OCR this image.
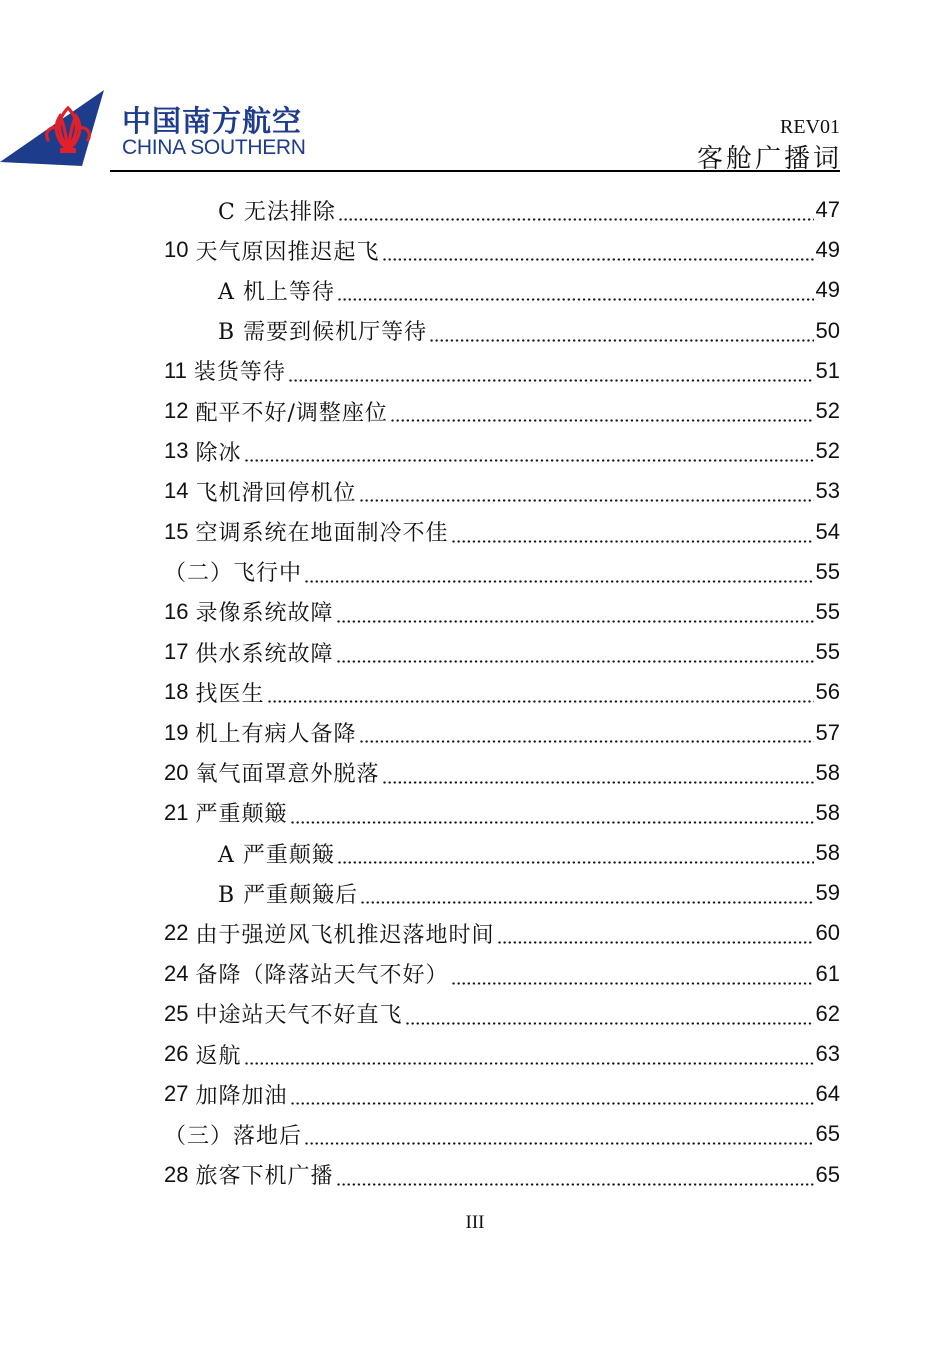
中国南方航空
CHINA SOUTHERN
REV01
客舱广播词
C 无法排除	47
10 天气原因推迟起飞	49
A 机上等待	49
B 需要到候机厅等待	50
11 装货等待	51
12 配平不好/调整座位	52
13 除冰	52
14 飞机滑回停机位	53
15 空调系统在地面制冷不佳	54
（二）飞行中	55
16 录像系统故障	55
17 供水系统故障	55
18 找医生	56
19 机上有病人备降	57
20 氧气面罩意外脱落	58
21 严重颠簸	58
A 严重颠簸	58
B 严重颠簸后	59
22 由于强逆风飞机推迟落地时间	60
24 备降（降落站天气不好）	61
25 中途站天气不好直飞	62
26 返航	63
27 加降加油	64
（三）落地后	65
28 旅客下机广播	65
III
